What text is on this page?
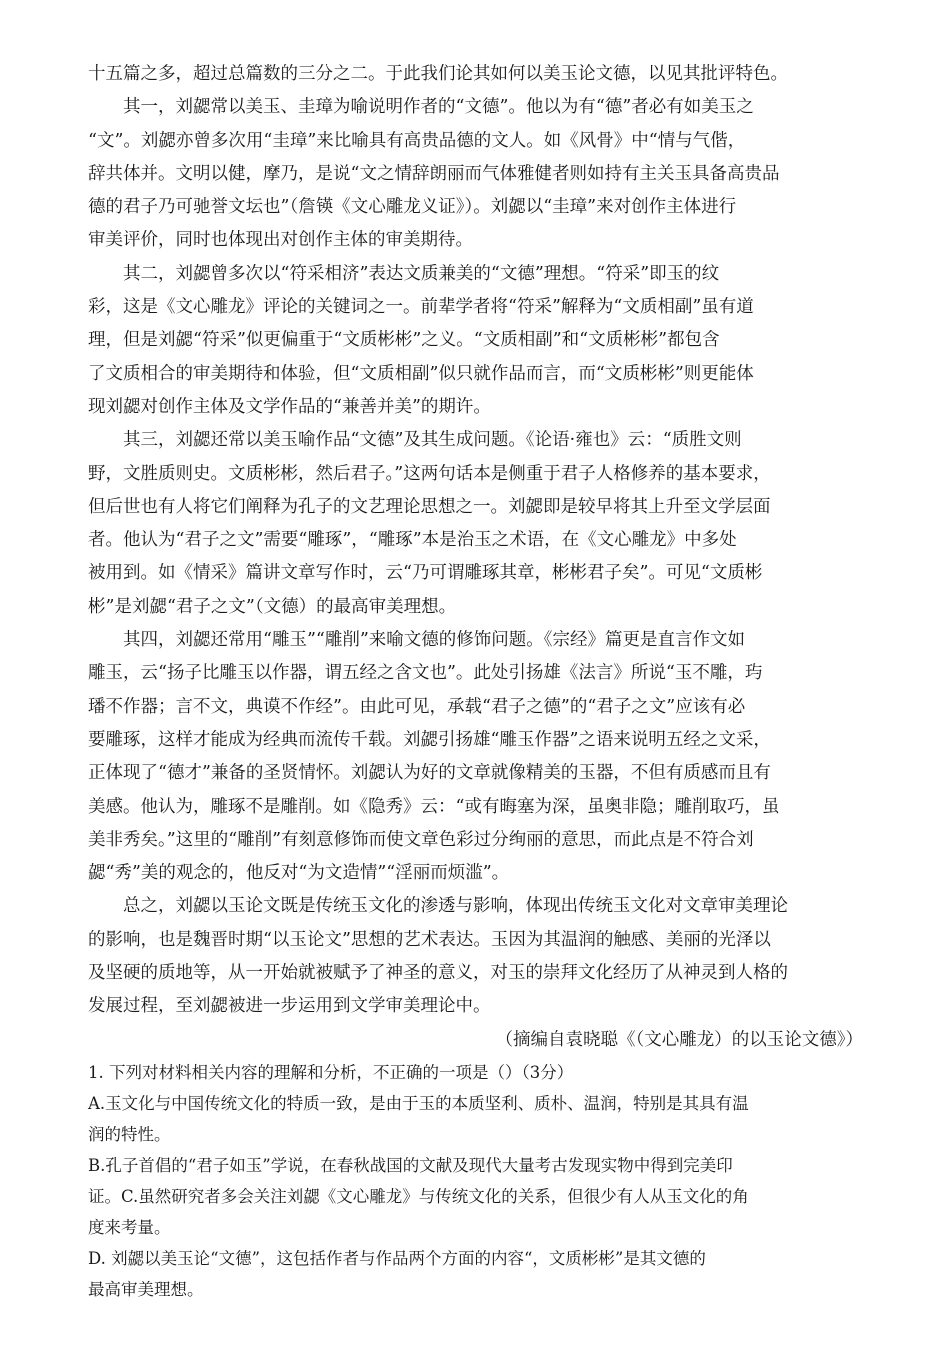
十五篇之多，超过总篇数的三分之二。于此我们论其如何以美玉论文德，以见其批评特色。
其一，刘勰常以美玉、圭璋为喻说明作者的“文德”。他以为有“德”者必有如美玉之
“文”。刘勰亦曾多次用“圭璋”来比喻具有高贵品德的文人。如《风骨》中“情与气偕，
辞共体并。文明以健，摩乃，是说“文之情辞朗丽而气体雅健者则如持有主关玉具备高贵品
德的君子乃可驰誉文坛也”（詹锳《文心雕龙义证》）。刘勰以“圭璋”来对创作主体进行
审美评价，同时也体现出对创作主体的审美期待。
其二，刘勰曾多次以“符采相济”表达文质兼美的“文德”理想。“符采”即玉的纹
彩，这是《文心雕龙》评论的关键词之一。前辈学者将“符采”解释为“文质相副”虽有道
理，但是刘勰“符采”似更偏重于“文质彬彬”之义。“文质相副”和“文质彬彬”都包含
了文质相合的审美期待和体验，但“文质相副”似只就作品而言，而“文质彬彬”则更能体
现刘勰对创作主体及文学作品的“兼善并美”的期许。
其三，刘勰还常以美玉喻作品“文德”及其生成问题。《论语·雍也》云：“质胜文则
野，文胜质则史。文质彬彬，然后君子。”这两句话本是侧重于君子人格修养的基本要求，
但后世也有人将它们阐释为孔子的文艺理论思想之一。刘勰即是较早将其上升至文学层面
者。他认为“君子之文”需要“雕琢”，“雕琢”本是治玉之术语，在《文心雕龙》中多处
被用到。如《情采》篇讲文章写作时，云“乃可谓雕琢其章，彬彬君子矣”。可见“文质彬
彬”是刘勰“君子之文”（文德）的最高审美理想。
其四，刘勰还常用“雕玉”“雕削”来喻文德的修饰问题。《宗经》篇更是直言作文如
雕玉，云“扬子比雕玉以作器，谓五经之含文也”。此处引扬雄《法言》所说“玉不雕，玙
璠不作器；言不文，典谟不作经”。由此可见，承载“君子之德”的“君子之文”应该有必
要雕琢，这样才能成为经典而流传千载。刘勰引扬雄“雕玉作器”之语来说明五经之文采，
正体现了“德才”兼备的圣贤情怀。刘勰认为好的文章就像精美的玉器，不但有质感而且有
美感。他认为，雕琢不是雕削。如《隐秀》云：“或有晦塞为深，虽奥非隐；雕削取巧，虽
美非秀矣。”这里的“雕削”有刻意修饰而使文章色彩过分绚丽的意思，而此点是不符合刘
勰“秀”美的观念的，他反对“为文造情”“淫丽而烦滥”。
总之，刘勰以玉论文既是传统玉文化的渗透与影响，体现出传统玉文化对文章审美理论
的影响，也是魏晋时期“以玉论文”思想的艺术表达。玉因为其温润的触感、美丽的光泽以
及坚硬的质地等，从一开始就被赋予了神圣的意义，对玉的崇拜文化经历了从神灵到人格的
发展过程，至刘勰被进一步运用到文学审美理论中。
（摘编自袁晓聪《（文心雕龙）的以玉论文德》）
1. 下列对材料相关内容的理解和分析，不正确的一项是（）（3分）
A.玉文化与中国传统文化的特质一致，是由于玉的本质坚利、质朴、温润，特别是其具有温
润的特性。
B.孔子首倡的“君子如玉”学说，在春秋战国的文献及现代大量考古发现实物中得到完美印
证。C.虽然研究者多会关注刘勰《文心雕龙》与传统文化的关系，但很少有人从玉文化的角
度来考量。
D. 刘勰以美玉论“文德”，这包括作者与作品两个方面的内容“，文质彬彬”是其文德的
最高审美理想。
